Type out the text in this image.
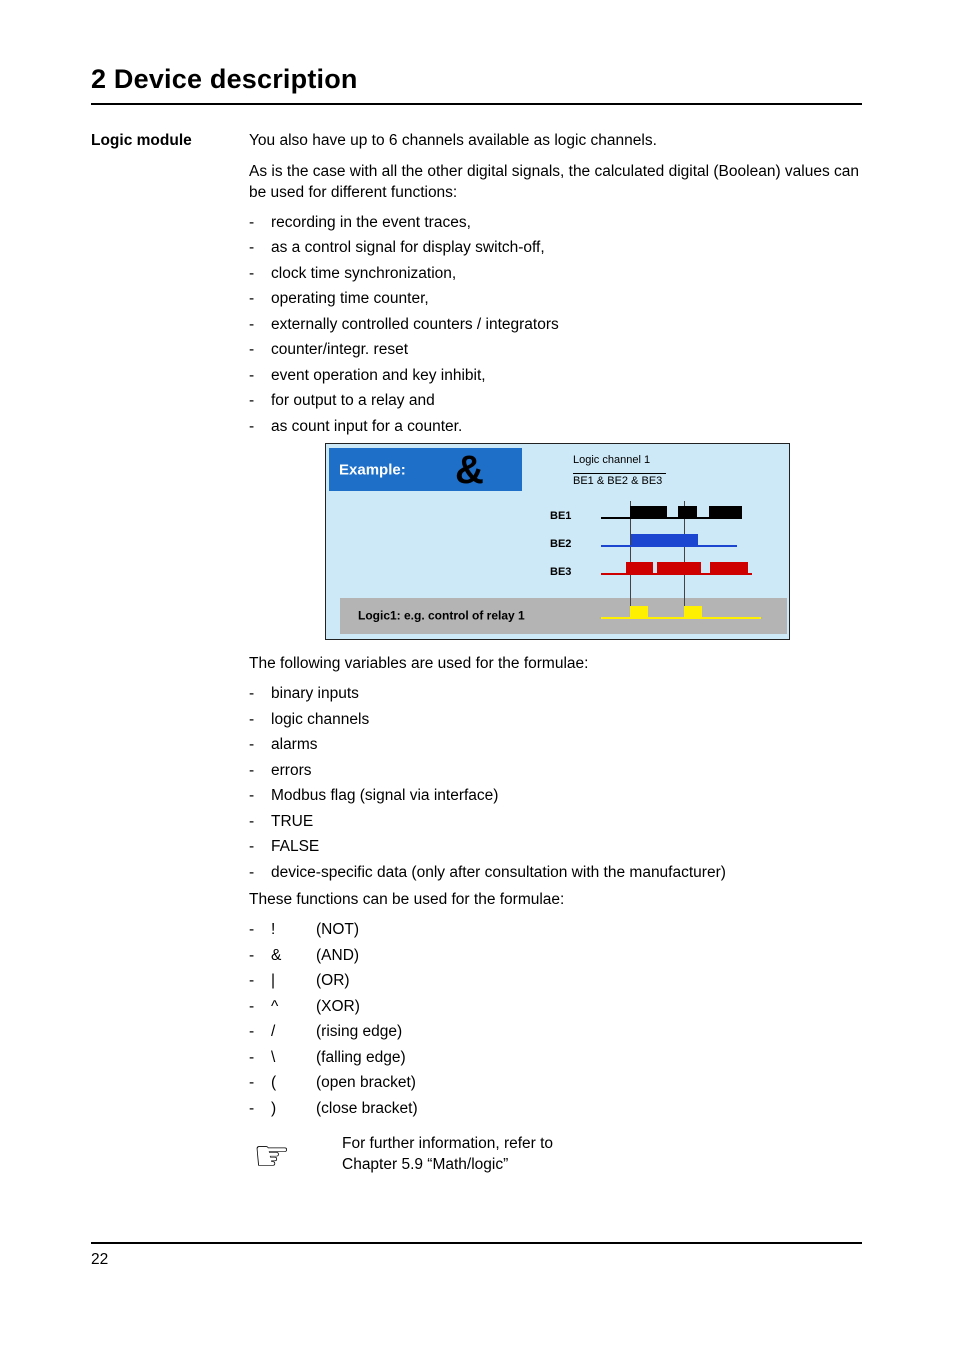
2 Device description
Logic module	You also have up to 6 channels available as logic channels.

As is the case with all the other digital signals, the calculated digital (Boolean) values can be used for different functions:

-	recording in the event traces,
-	as a control signal for display switch-off,
-	clock time synchronization,
-	operating time counter,
-	externally controlled counters / integrators
-	counter/integr. reset
-	event operation and key inhibit,
-	for output to a relay and
-	as count input for a counter.
Example: &	Logic channel 1
BE1 & BE2 & BE3
Logic1: e.g. control of relay 1
BE1
BE2
BE3

The following variables are used for the formulae:

-	binary inputs
-	logic channels
-	alarms
-	errors
-	Modbus flag (signal via interface)
-	TRUE
-	FALSE
-	device-specific data (only after consultation with the manufacturer)

These functions can be used for the formulae:

-	!	(NOT)
-	&	(AND)
-	|	(OR)
-	^	(XOR)
-	/	(rising edge)
-	\	(falling edge)
-	(	(open bracket)
-	)	(close bracket)
☞	For further information, refer to
Chapter 5.9 “Math/logic”
22
